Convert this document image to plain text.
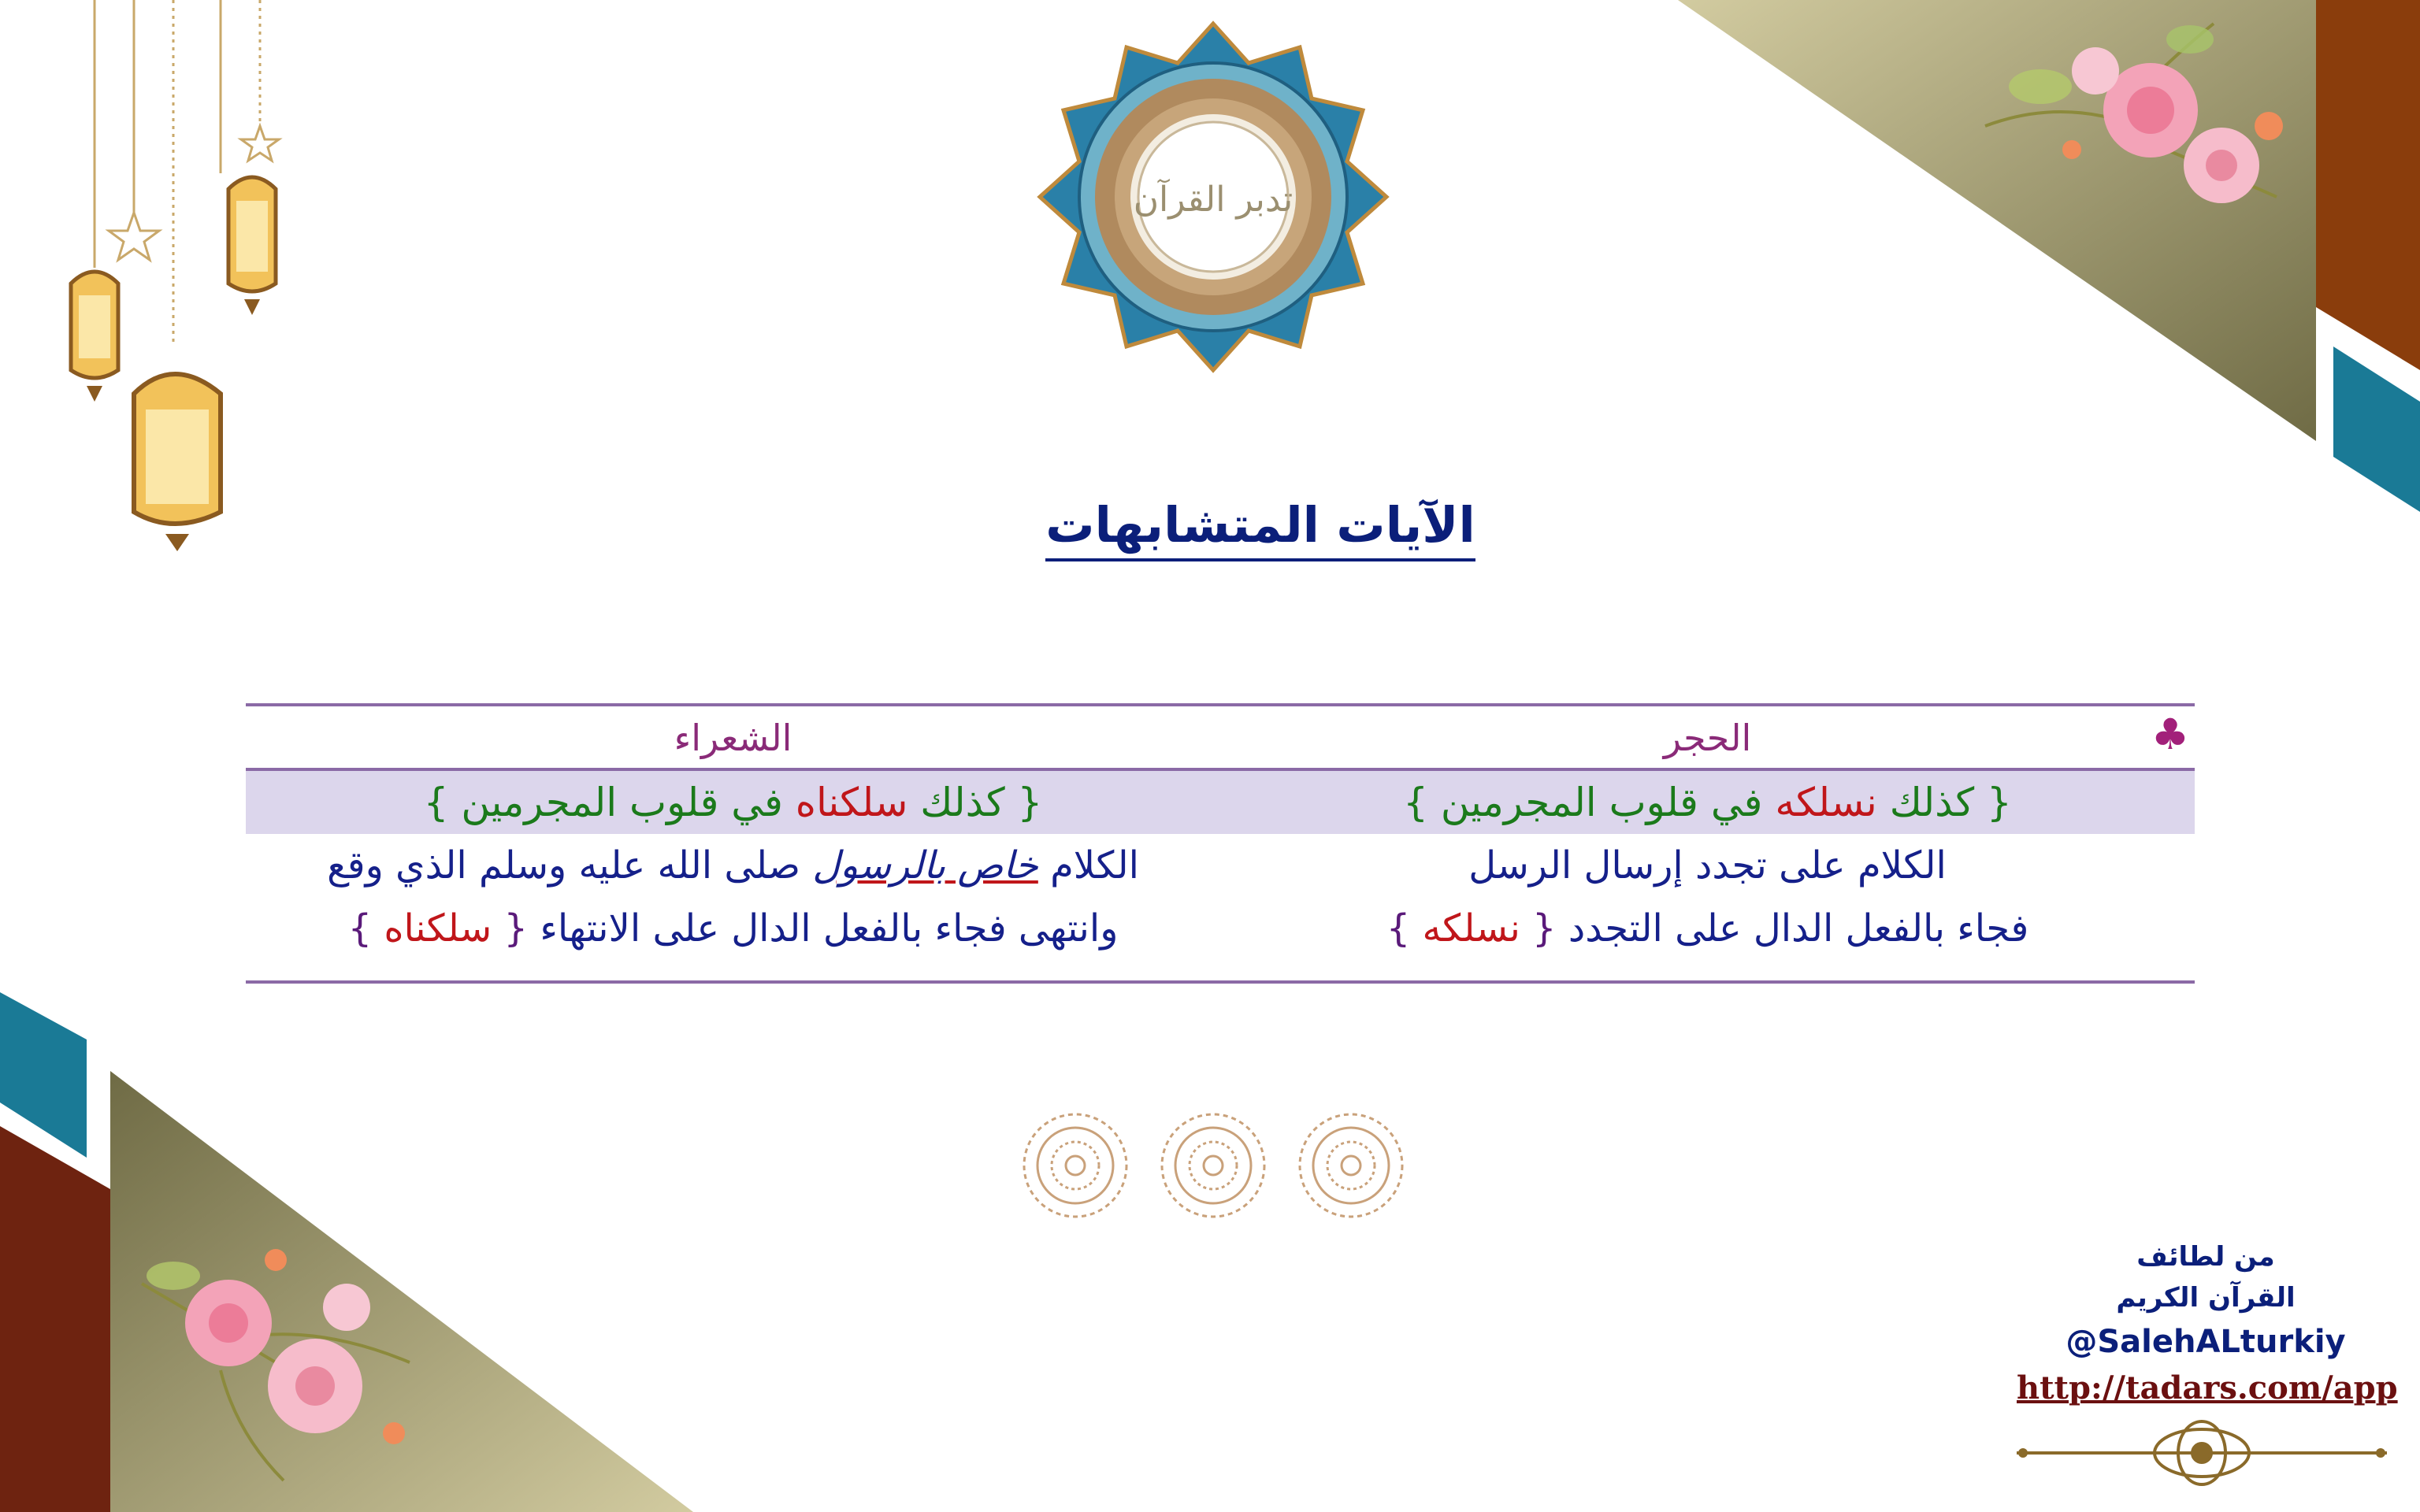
تدبر القرآن
الآيات المتشابهات
الحجر
الشعراء	♣
{ كذلك نسلكه في قلوب المجرمين }
{ كذلك سلكناه في قلوب المجرمين }
الكلام على تجدد إرسال الرسل
الكلام خاص بالرسول صلى الله عليه وسلم الذي وقع
فجاء بالفعل الدال على التجدد { نسلكه }
وانتهى فجاء بالفعل الدال على الانتهاء { سلكناه }
من لطائف
القرآن الكريم
@SalehALturkiy
http://tadars.com/app
